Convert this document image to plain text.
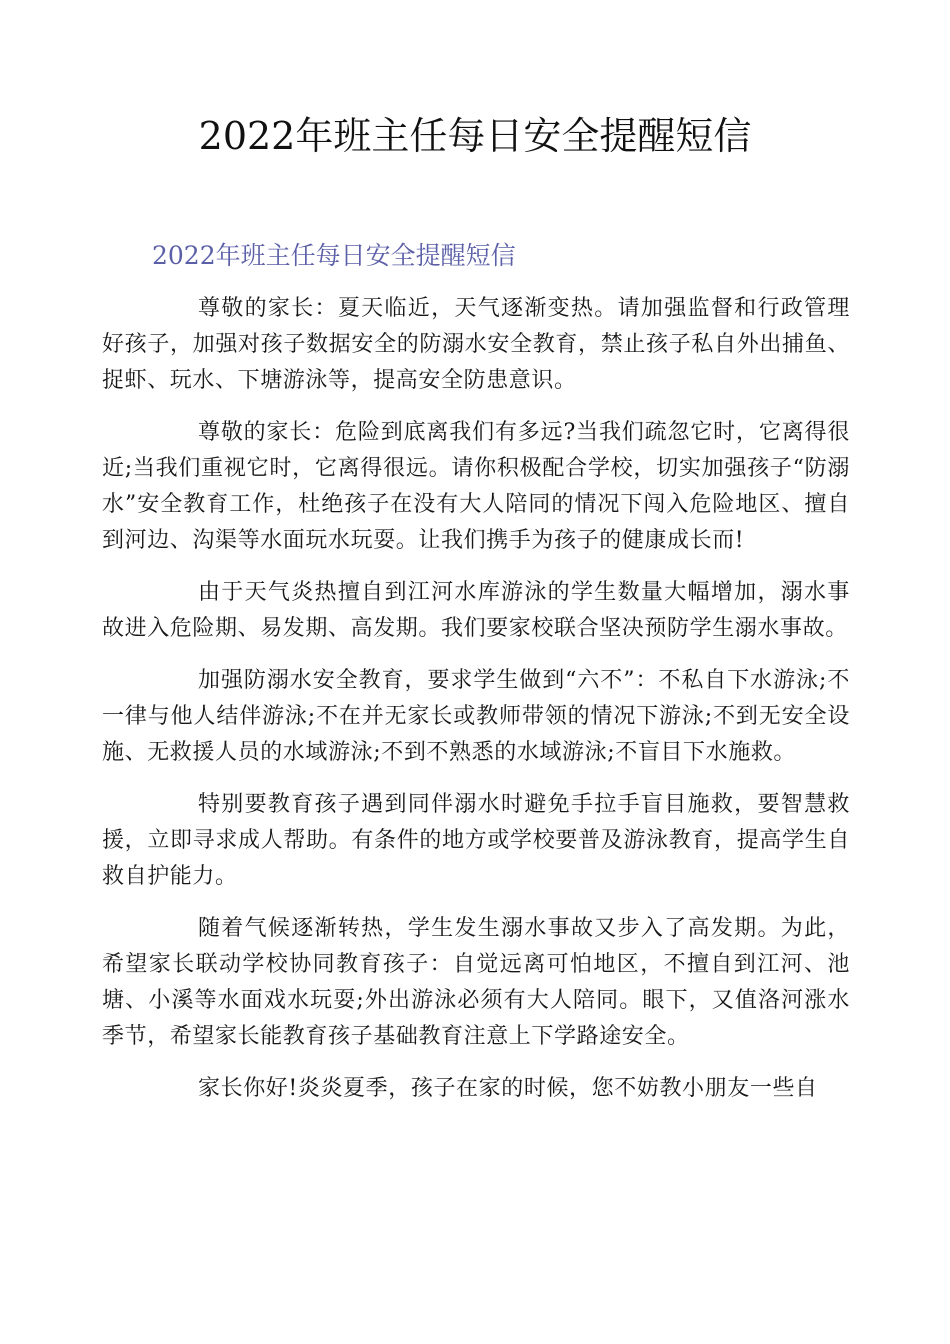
2022年班主任每日安全提醒短信
2022年班主任每日安全提醒短信

尊敬的家长：夏天临近，天气逐渐变热。请加强监督和行政管理好孩子，加强对孩子数据安全的防溺水安全教育，禁止孩子私自外出捕鱼、捉虾、玩水、下塘游泳等，提高安全防患意识。

尊敬的家长：危险到底离我们有多远?当我们疏忽它时，它离得很近;当我们重视它时，它离得很远。请你积极配合学校，切实加强孩子“防溺水”安全教育工作，杜绝孩子在没有大人陪同的情况下闯入危险地区、擅自到河边、沟渠等水面玩水玩耍。让我们携手为孩子的健康成长而!

由于天气炎热擅自到江河水库游泳的学生数量大幅增加，溺水事故进入危险期、易发期、高发期。我们要家校联合坚决预防学生溺水事故。

加强防溺水安全教育，要求学生做到“六不”：不私自下水游泳;不一律与他人结伴游泳;不在并无家长或教师带领的情况下游泳;不到无安全设施、无救援人员的水域游泳;不到不熟悉的水域游泳;不盲目下水施救。

特别要教育孩子遇到同伴溺水时避免手拉手盲目施救，要智慧救援，立即寻求成人帮助。有条件的地方或学校要普及游泳教育，提高学生自救自护能力。

随着气候逐渐转热，学生发生溺水事故又步入了高发期。为此，希望家长联动学校协同教育孩子：自觉远离可怕地区，不擅自到江河、池塘、小溪等水面戏水玩耍;外出游泳必须有大人陪同。眼下，又值洛河涨水季节，希望家长能教育孩子基础教育注意上下学路途安全。

家长你好!炎炎夏季，孩子在家的时候，您不妨教小朋友一些自
